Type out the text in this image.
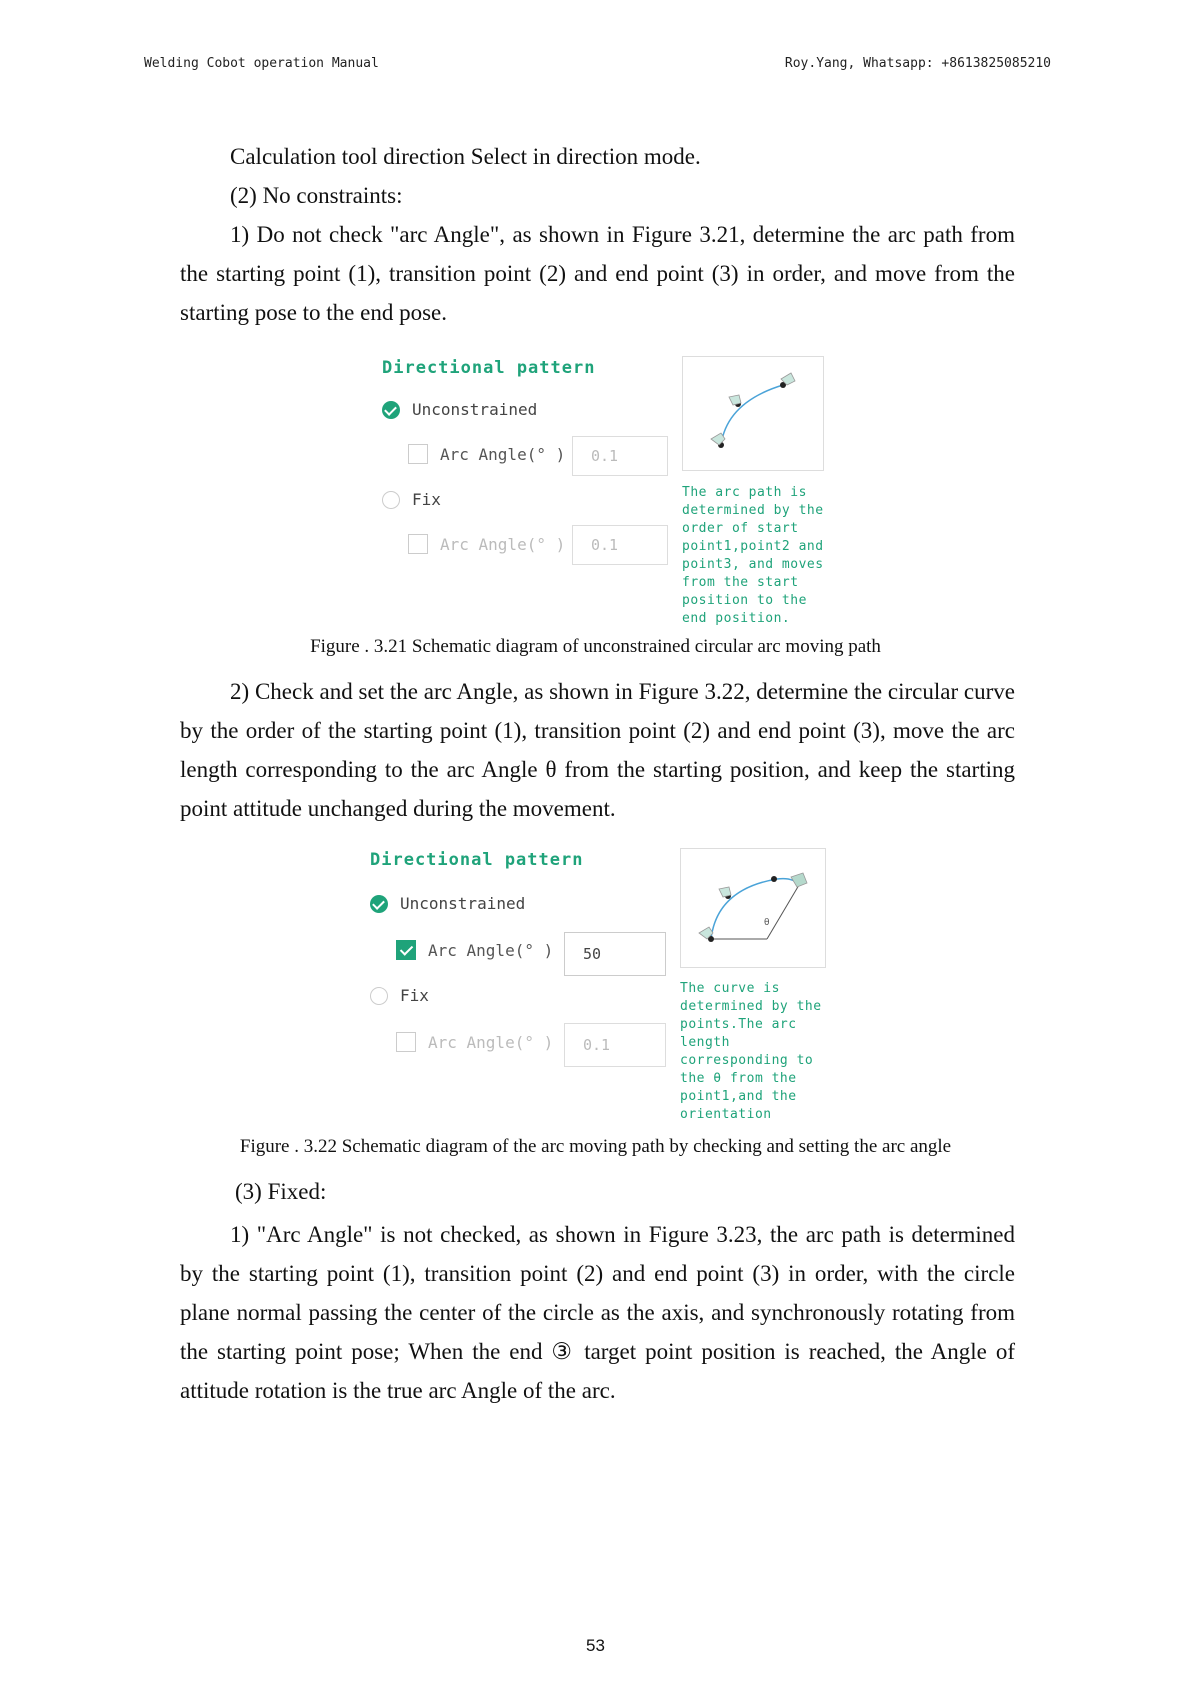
Welding Cobot operation Manual	Roy.Yang, Whatsapp: +8613825085210

Calculation tool direction Select in direction mode.

(2) No constraints:

1) Do not check "arc Angle", as shown in Figure 3.21, determine the arc path from the starting point (1), transition point (2) and end point (3) in order, and move from the starting pose to the end pose.

Directional pattern
Unconstrained
Arc Angle(° )	0.1
Fix
Arc Angle(° )	0.1
The arc path is determined by the order of start point1,point2 and point3, and moves from the start position to the end position.
Figure . 3.21 Schematic diagram of unconstrained circular arc moving path

2) Check and set the arc Angle, as shown in Figure 3.22, determine the circular curve by the order of the starting point (1), transition point (2) and end point (3), move the arc length corresponding to the arc Angle θ from the starting position, and keep the starting point attitude unchanged during the movement.

Directional pattern
Unconstrained
Arc Angle(° )	50
Fix
Arc Angle(° )	0.1
θ
The curve is determined by the points.The arc length corresponding to the θ from the point1,and the orientation
Figure . 3.22 Schematic diagram of the arc moving path by checking and setting the arc angle

(3) Fixed:

1) "Arc Angle" is not checked, as shown in Figure 3.23, the arc path is determined by the starting point (1), transition point (2) and end point (3) in order, with the circle plane normal passing the center of the circle as the axis, and synchronously rotating from the starting point pose; When the end ③ target point position is reached, the Angle of attitude rotation is the true arc Angle of the arc.

53
